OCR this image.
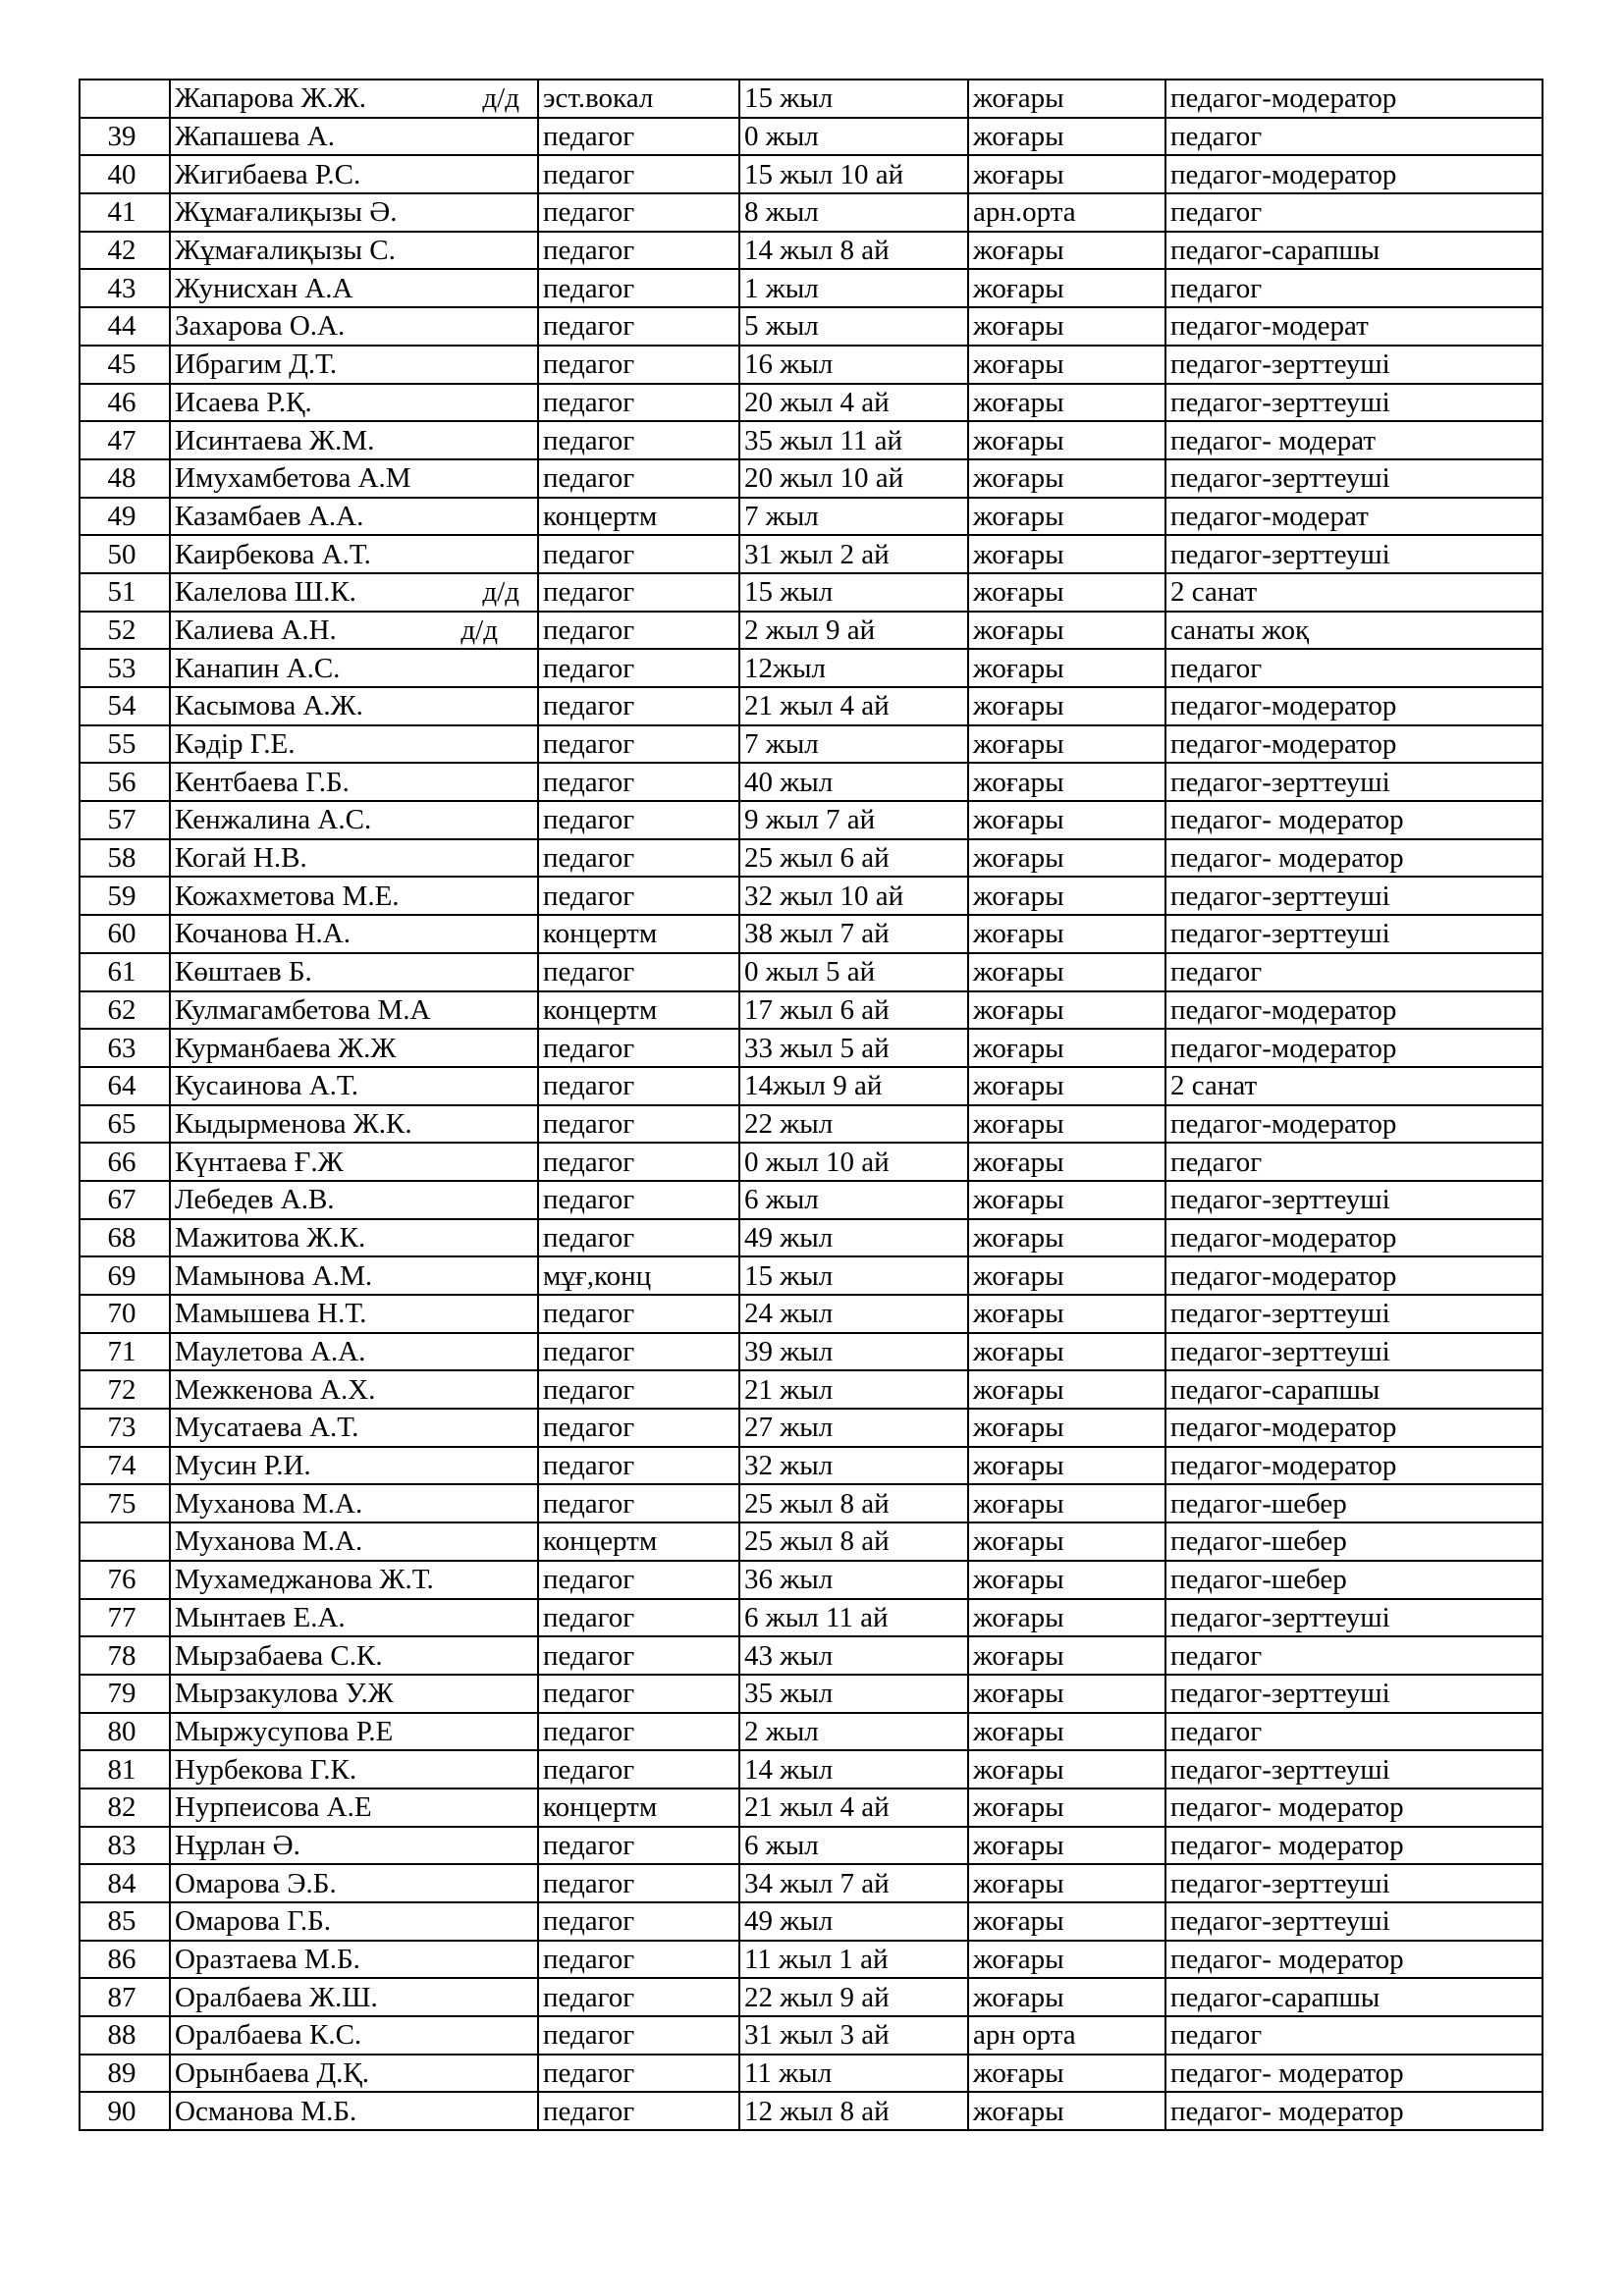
	Жапарова Ж.Ж. д/д	эст.вокал	15 жыл	жоғары	педагог-модератор
39	Жапашева А.	педагог	0 жыл	жоғары	педагог
40	Жигибаева Р.С.	педагог	15 жыл 10 ай	жоғары	педагог-модератор
41	Жұмағалиқызы Ә.	педагог	8 жыл	арн.орта	педагог
42	Жұмағалиқызы С.	педагог	14 жыл 8 ай	жоғары	педагог-сарапшы
43	Жунисхан А.А	педагог	1 жыл	жоғары	педагог
44	Захарова О.А.	педагог	5 жыл	жоғары	педагог-модерат
45	Ибрагим Д.Т.	педагог	16 жыл	жоғары	педагог-зерттеуші
46	Исаева Р.Қ.	педагог	20 жыл 4 ай	жоғары	педагог-зерттеуші
47	Исинтаева Ж.М.	педагог	35 жыл 11 ай	жоғары	педагог- модерат
48	Имухамбетова А.М	педагог	20 жыл 10 ай	жоғары	педагог-зерттеуші
49	Казамбаев А.А.	концертм	7 жыл	жоғары	педагог-модерат
50	Каирбекова А.Т.	педагог	31 жыл 2 ай	жоғары	педагог-зерттеуші
51	Калелова Ш.К. д/д	педагог	15 жыл	жоғары	2 санат
52	Калиева А.Н. д/д	педагог	2 жыл 9 ай	жоғары	санаты жоқ
53	Канапин А.С.	педагог	12жыл	жоғары	педагог
54	Касымова А.Ж.	педагог	21 жыл 4 ай	жоғары	педагог-модератор
55	Кәдір Г.Е.	педагог	7 жыл	жоғары	педагог-модератор
56	Кентбаева Г.Б.	педагог	40 жыл	жоғары	педагог-зерттеуші
57	Кенжалина А.С.	педагог	9 жыл 7 ай	жоғары	педагог- модератор
58	Когай Н.В.	педагог	25 жыл 6 ай	жоғары	педагог- модератор
59	Кожахметова М.Е.	педагог	32 жыл 10 ай	жоғары	педагог-зерттеуші
60	Кочанова Н.А.	концертм	38 жыл 7 ай	жоғары	педагог-зерттеуші
61	Көштаев Б.	педагог	0 жыл 5 ай	жоғары	педагог
62	Кулмагамбетова М.А	концертм	17 жыл 6 ай	жоғары	педагог-модератор
63	Курманбаева Ж.Ж	педагог	33 жыл 5 ай	жоғары	педагог-модератор
64	Кусаинова А.Т.	педагог	14жыл 9 ай	жоғары	2 санат
65	Кыдырменова Ж.К.	педагог	22 жыл	жоғары	педагог-модератор
66	Күнтаева Ғ.Ж	педагог	0 жыл 10 ай	жоғары	педагог
67	Лебедев А.В.	педагог	6 жыл	жоғары	педагог-зерттеуші
68	Мажитова Ж.К.	педагог	49 жыл	жоғары	педагог-модератор
69	Мамынова А.М.	мұғ,конц	15 жыл	жоғары	педагог-модератор
70	Мамышева Н.Т.	педагог	24 жыл	жоғары	педагог-зерттеуші
71	Маулетова А.А.	педагог	39 жыл	жоғары	педагог-зерттеуші
72	Межкенова А.Х.	педагог	21 жыл	жоғары	педагог-сарапшы
73	Мусатаева А.Т.	педагог	27 жыл	жоғары	педагог-модератор
74	Мусин Р.И.	педагог	32 жыл	жоғары	педагог-модератор
75	Муханова М.А.	педагог	25 жыл 8 ай	жоғары	педагог-шебер
	Муханова М.А.	концертм	25 жыл 8 ай	жоғары	педагог-шебер
76	Мухамеджанова Ж.Т.	педагог	36 жыл	жоғары	педагог-шебер
77	Мынтаев Е.А.	педагог	6 жыл 11 ай	жоғары	педагог-зерттеуші
78	Мырзабаева С.К.	педагог	43 жыл	жоғары	педагог
79	Мырзакулова У.Ж	педагог	35 жыл	жоғары	педагог-зерттеуші
80	Мыржусупова Р.Е	педагог	2 жыл	жоғары	педагог
81	Нурбекова Г.К.	педагог	14 жыл	жоғары	педагог-зерттеуші
82	Нурпеисова А.Е	концертм	21 жыл 4 ай	жоғары	педагог- модератор
83	Нұрлан Ә.	педагог	6 жыл	жоғары	педагог- модератор
84	Омарова Э.Б.	педагог	34 жыл 7 ай	жоғары	педагог-зерттеуші
85	Омарова Г.Б.	педагог	49 жыл	жоғары	педагог-зерттеуші
86	Оразтаева М.Б.	педагог	11 жыл 1 ай	жоғары	педагог- модератор
87	Оралбаева Ж.Ш.	педагог	22 жыл 9 ай	жоғары	педагог-сарапшы
88	Оралбаева К.С.	педагог	31 жыл 3 ай	арн орта	педагог
89	Орынбаева Д.Қ.	педагог	11 жыл	жоғары	педагог- модератор
90	Османова М.Б.	педагог	12 жыл 8 ай	жоғары	педагог- модератор
